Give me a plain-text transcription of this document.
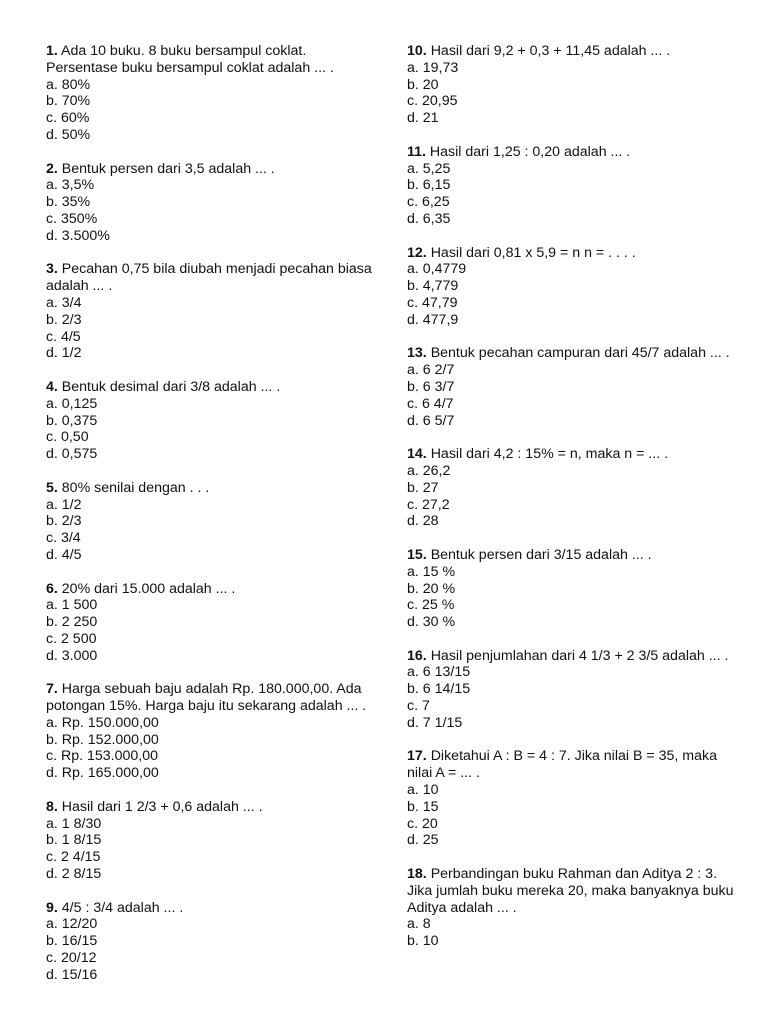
1. Ada 10 buku. 8 buku bersampul coklat. Persentase buku bersampul coklat adalah ... .
a. 80%
b. 70%
c. 60%
d. 50%
2. Bentuk persen dari 3,5 adalah ... .
a. 3,5%
b. 35%
c. 350%
d. 3.500%
3. Pecahan 0,75 bila diubah menjadi pecahan biasa adalah ... .
a. 3/4
b. 2/3
c. 4/5
d. 1/2
4. Bentuk desimal dari 3/8 adalah ... .
a. 0,125
b. 0,375
c. 0,50
d. 0,575
5. 80% senilai dengan . . .
a. 1/2
b. 2/3
c. 3/4
d. 4/5
6. 20% dari 15.000 adalah ... .
a. 1 500
b. 2 250
c. 2 500
d. 3.000
7. Harga sebuah baju adalah Rp. 180.000,00. Ada potongan 15%. Harga baju itu sekarang adalah ... .
a. Rp. 150.000,00
b. Rp. 152.000,00
c. Rp. 153.000,00
d. Rp. 165.000,00
8. Hasil dari 1 2/3 + 0,6 adalah ... .
a. 1 8/30
b. 1 8/15
c. 2 4/15
d. 2 8/15
9. 4/5 : 3/4 adalah ... .
a. 12/20
b. 16/15
c. 20/12
d. 15/16
10. Hasil dari 9,2 + 0,3 + 11,45 adalah ... .
a. 19,73
b. 20
c. 20,95
d. 21
11. Hasil dari 1,25 : 0,20 adalah ... .
a. 5,25
b. 6,15
c. 6,25
d. 6,35
12. Hasil dari 0,81 x 5,9 = n n = . . . .
a. 0,4779
b. 4,779
c. 47,79
d. 477,9
13. Bentuk pecahan campuran dari 45/7 adalah ... .
a. 6 2/7
b. 6 3/7
c. 6 4/7
d. 6 5/7
14. Hasil dari 4,2 : 15% = n, maka n = ... .
a. 26,2
b. 27
c. 27,2
d. 28
15. Bentuk persen dari 3/15 adalah ... .
a. 15 %
b. 20 %
c. 25 %
d. 30 %
16. Hasil penjumlahan dari 4 1/3 + 2 3/5 adalah ... .
a. 6 13/15
b. 6 14/15
c. 7
d. 7 1/15
17. Diketahui A : B = 4 : 7. Jika nilai B = 35, maka nilai A = ... .
a. 10
b. 15
c. 20
d. 25
18. Perbandingan buku Rahman dan Aditya 2 : 3. Jika jumlah buku mereka 20, maka banyaknya buku Aditya adalah ... .
a. 8
b. 10
